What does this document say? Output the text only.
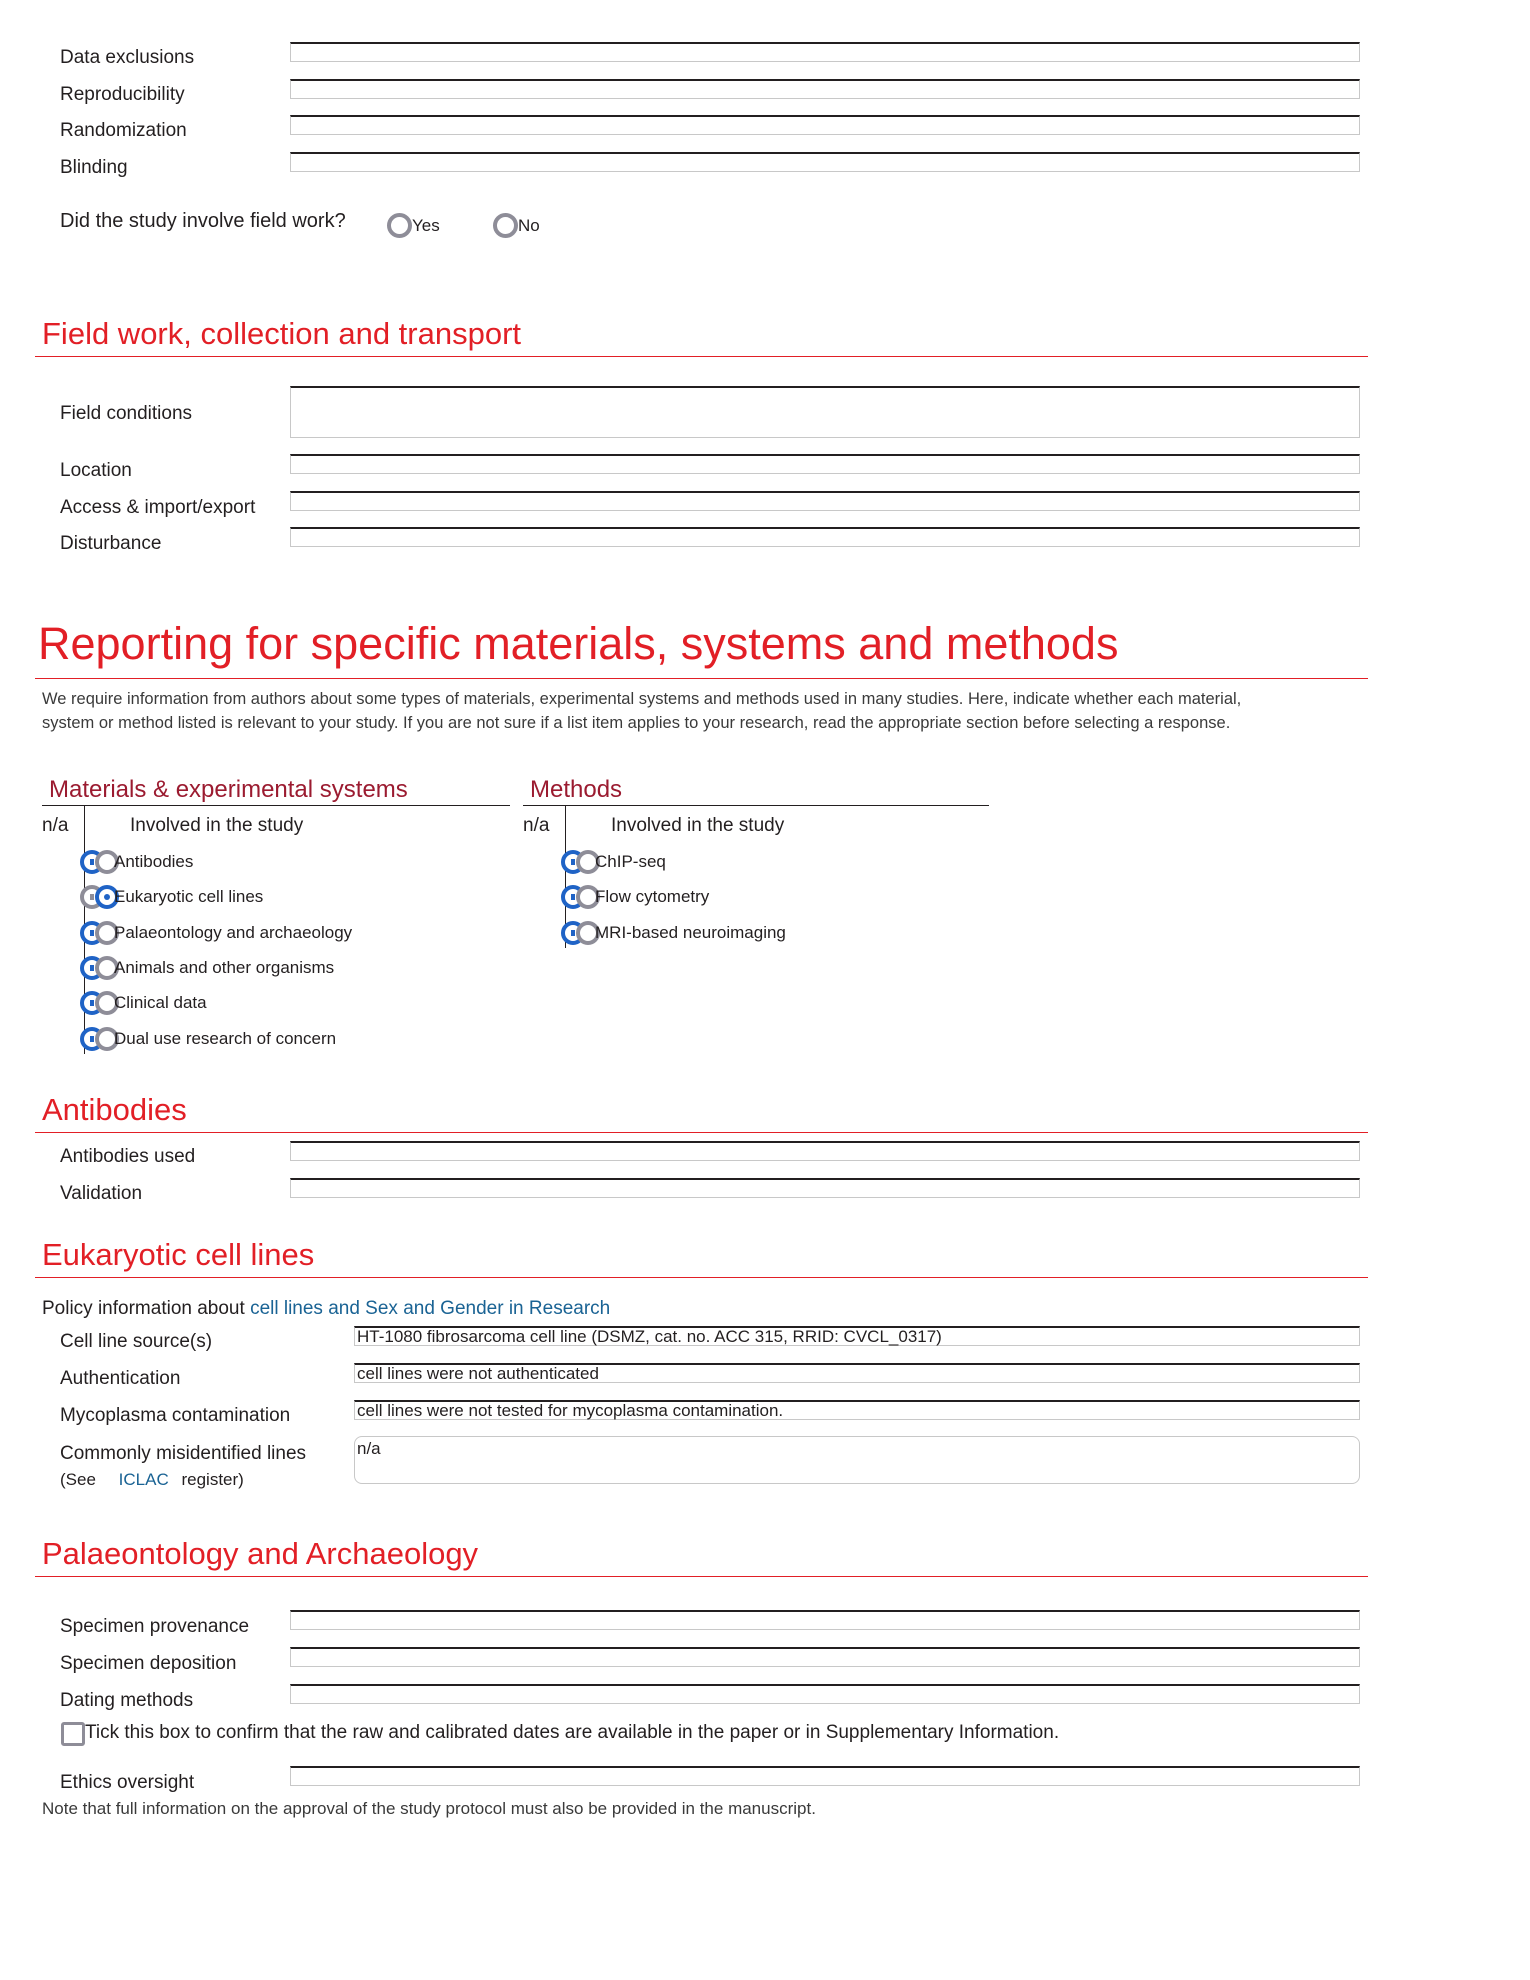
Data exclusions
Reproducibility
Randomization
Blinding
Did the study involve field work?	Yes	No
Field work, collection and transport
Field conditions
Location
Access & import/export
Disturbance
Reporting for specific materials, systems and methods
We require information from authors about some types of materials, experimental systems and methods used in many studies. Here, indicate whether each material,
system or method listed is relevant to your study. If you are not sure if a list item applies to your research, read the appropriate section before selecting a response.
Materials & experimental systems
n/a	Involved in the study
Antibodies
Eukaryotic cell lines
Palaeontology and archaeology
Animals and other organisms
Clinical data
Dual use research of concern
Methods
n/a	Involved in the study
ChIP-seq
Flow cytometry
MRI-based neuroimaging
Antibodies
Antibodies used
Validation
Eukaryotic cell lines
Policy information about cell lines and Sex and Gender in Research
Cell line source(s)	HT-1080 fibrosarcoma cell line (DSMZ, cat. no. ACC 315, RRID: CVCL_0317)
Authentication	cell lines were not authenticated
Mycoplasma contamination	cell lines were not tested for mycoplasma contamination.
Commonly misidentified lines
(See ICLAC register)
n/a
Palaeontology and Archaeology
Specimen provenance
Specimen deposition
Dating methods
Tick this box to confirm that the raw and calibrated dates are available in the paper or in Supplementary Information.
Ethics oversight
Note that full information on the approval of the study protocol must also be provided in the manuscript.
